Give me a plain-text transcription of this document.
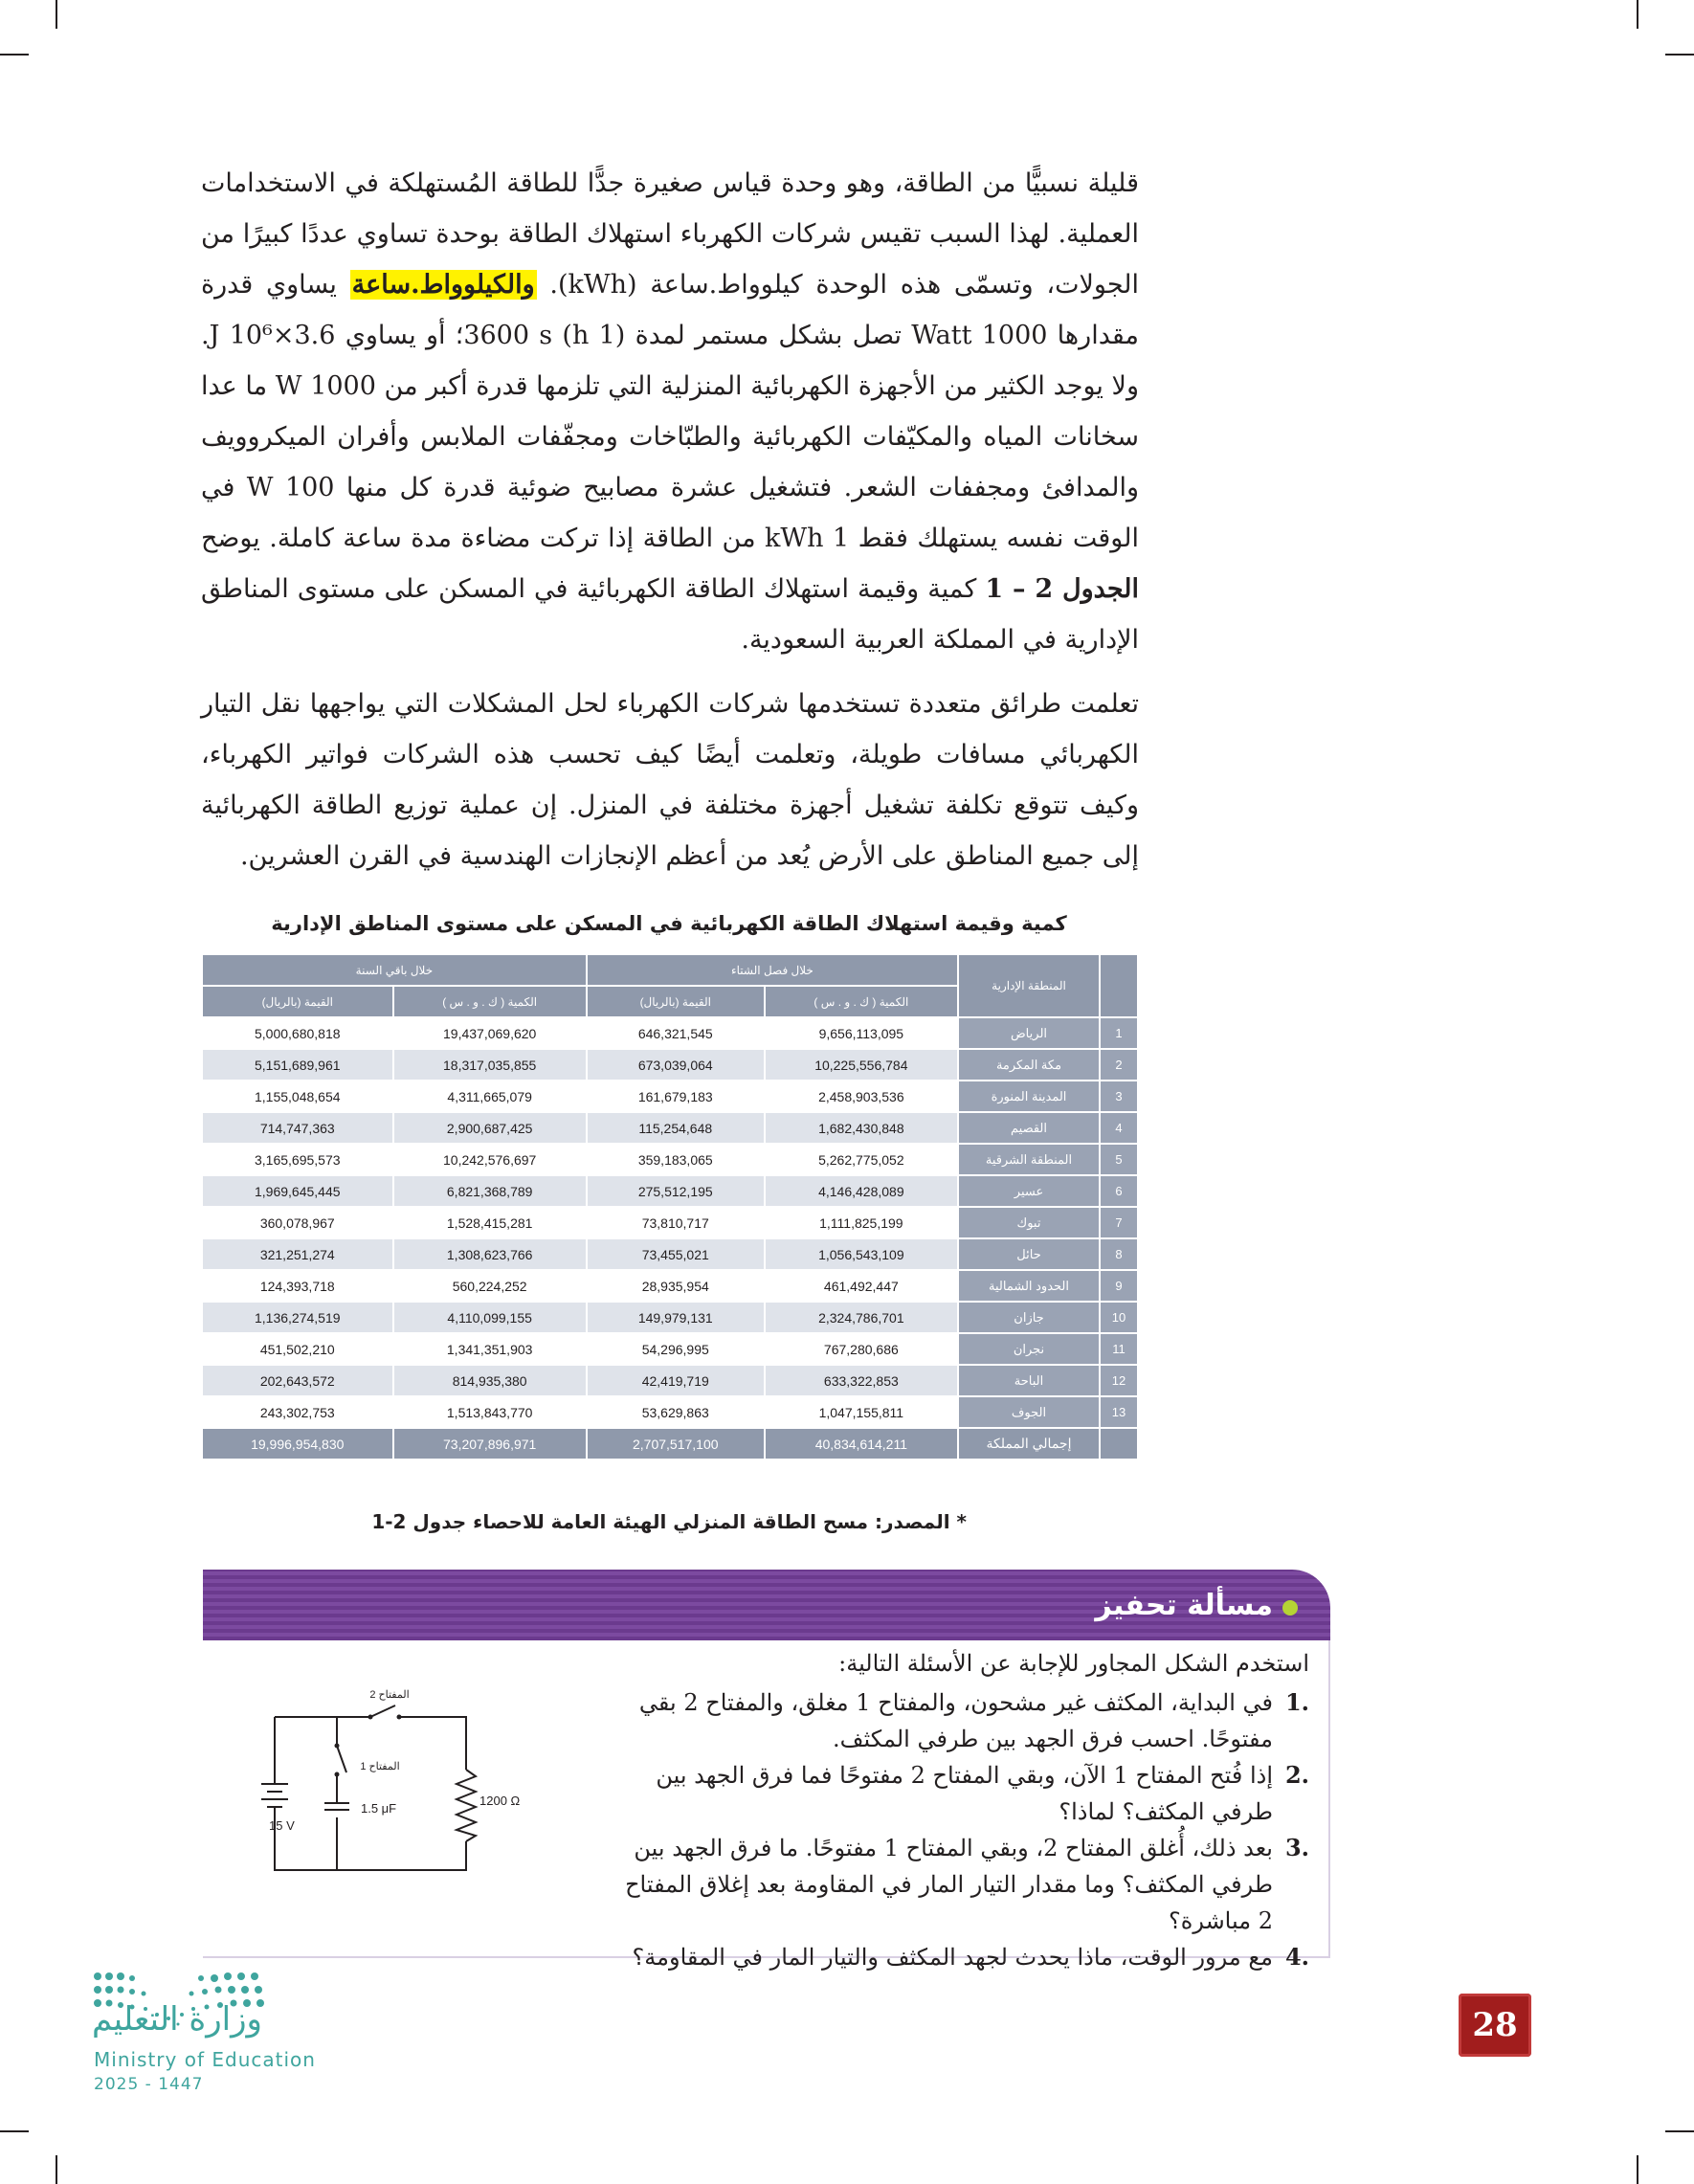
قليلة نسبيًّا من الطاقة، وهو وحدة قياس صغيرة جدًّا للطاقة المُستهلكة في الاستخدامات العملية. لهذا السبب تقيس شركات الكهرباء استهلاك الطاقة بوحدة تساوي عددًا كبيرًا من الجولات، وتسمّى هذه الوحدة كيلوواط.ساعة (kWh). والكيلوواط.ساعة يساوي قدرة مقدارها 1000 Watt تصل بشكل مستمر لمدة (1 h) 3600 s؛ أو يساوي 3.6×10⁶ J. ولا يوجد الكثير من الأجهزة الكهربائية المنزلية التي تلزمها قدرة أكبر من 1000 W ما عدا سخانات المياه والمكيّفات الكهربائية والطبّاخات ومجفّفات الملابس وأفران الميكروويف والمدافئ ومجففات الشعر. فتشغيل عشرة مصابيح ضوئية قدرة كل منها 100 W في الوقت نفسه يستهلك فقط 1 kWh من الطاقة إذا تركت مضاءة مدة ساعة كاملة. يوضح الجدول 2 – 1 كمية وقيمة استهلاك الطاقة الكهربائية في المسكن على مستوى المناطق الإدارية في المملكة العربية السعودية.

تعلمت طرائق متعددة تستخدمها شركات الكهرباء لحل المشكلات التي يواجهها نقل التيار الكهربائي مسافات طويلة، وتعلمت أيضًا كيف تحسب هذه الشركات فواتير الكهرباء، وكيف تتوقع تكلفة تشغيل أجهزة مختلفة في المنزل. إن عملية توزيع الطاقة الكهربائية إلى جميع المناطق على الأرض يُعد من أعظم الإنجازات الهندسية في القرن العشرين.

كمية وقيمة استهلاك الطاقة الكهربائية في المسكن على مستوى المناطق الإدارية
	المنطقة الإدارية	خلال فصل الشتاء		خلال باقي السنة	
		الكمية ( ك . و . س )	القيمة (بالريال)	الكمية ( ك . و . س )	القيمة (بالريال)
1	الرياض	9,656,113,095	646,321,545	19,437,069,620	5,000,680,818
2	مكة المكرمة	10,225,556,784	673,039,064	18,317,035,855	5,151,689,961
3	المدينة المنورة	2,458,903,536	161,679,183	4,311,665,079	1,155,048,654
4	القصيم	1,682,430,848	115,254,648	2,900,687,425	714,747,363
5	المنطقة الشرقية	5,262,775,052	359,183,065	10,242,576,697	3,165,695,573
6	عسير	4,146,428,089	275,512,195	6,821,368,789	1,969,645,445
7	تبوك	1,111,825,199	73,810,717	1,528,415,281	360,078,967
8	حائل	1,056,543,109	73,455,021	1,308,623,766	321,251,274
9	الحدود الشمالية	461,492,447	28,935,954	560,224,252	124,393,718
10	جازان	2,324,786,701	149,979,131	4,110,099,155	1,136,274,519
11	نجران	767,280,686	54,296,995	1,341,351,903	451,502,210
12	الباحة	633,322,853	42,419,719	814,935,380	202,643,572
13	الجوف	1,047,155,811	53,629,863	1,513,843,770	243,302,753
	إجمالي المملكة	40,834,614,211	2,707,517,100	73,207,896,971	19,996,954,830
* المصدر: مسح الطاقة المنزلي الهيئة العامة للاحصاء جدول 2-1
مسألة تحفيز
استخدم الشكل المجاور للإجابة عن الأسئلة التالية:
.1
في البداية، المكثف غير مشحون، والمفتاح 1 مغلق، والمفتاح 2 بقي مفتوحًا. احسب فرق الجهد بين طرفي المكثف.
.2
إذا فُتح المفتاح 1 الآن، وبقي المفتاح 2 مفتوحًا فما فرق الجهد بين طرفي المكثف؟ لماذا؟
.3
بعد ذلك، أُغلق المفتاح 2، وبقي المفتاح 1 مفتوحًا. ما فرق الجهد بين طرفي المكثف؟ وما مقدار التيار المار في المقاومة بعد إغلاق المفتاح 2 مباشرة؟
.4
مع مرور الوقت، ماذا يحدث لجهد المكثف والتيار المار في المقاومة؟
المفتاح 2
المفتاح 1
1.5 μF
1200 Ω
15 V
وزارة التعليم
Ministry of Education
2025 - 1447
28
